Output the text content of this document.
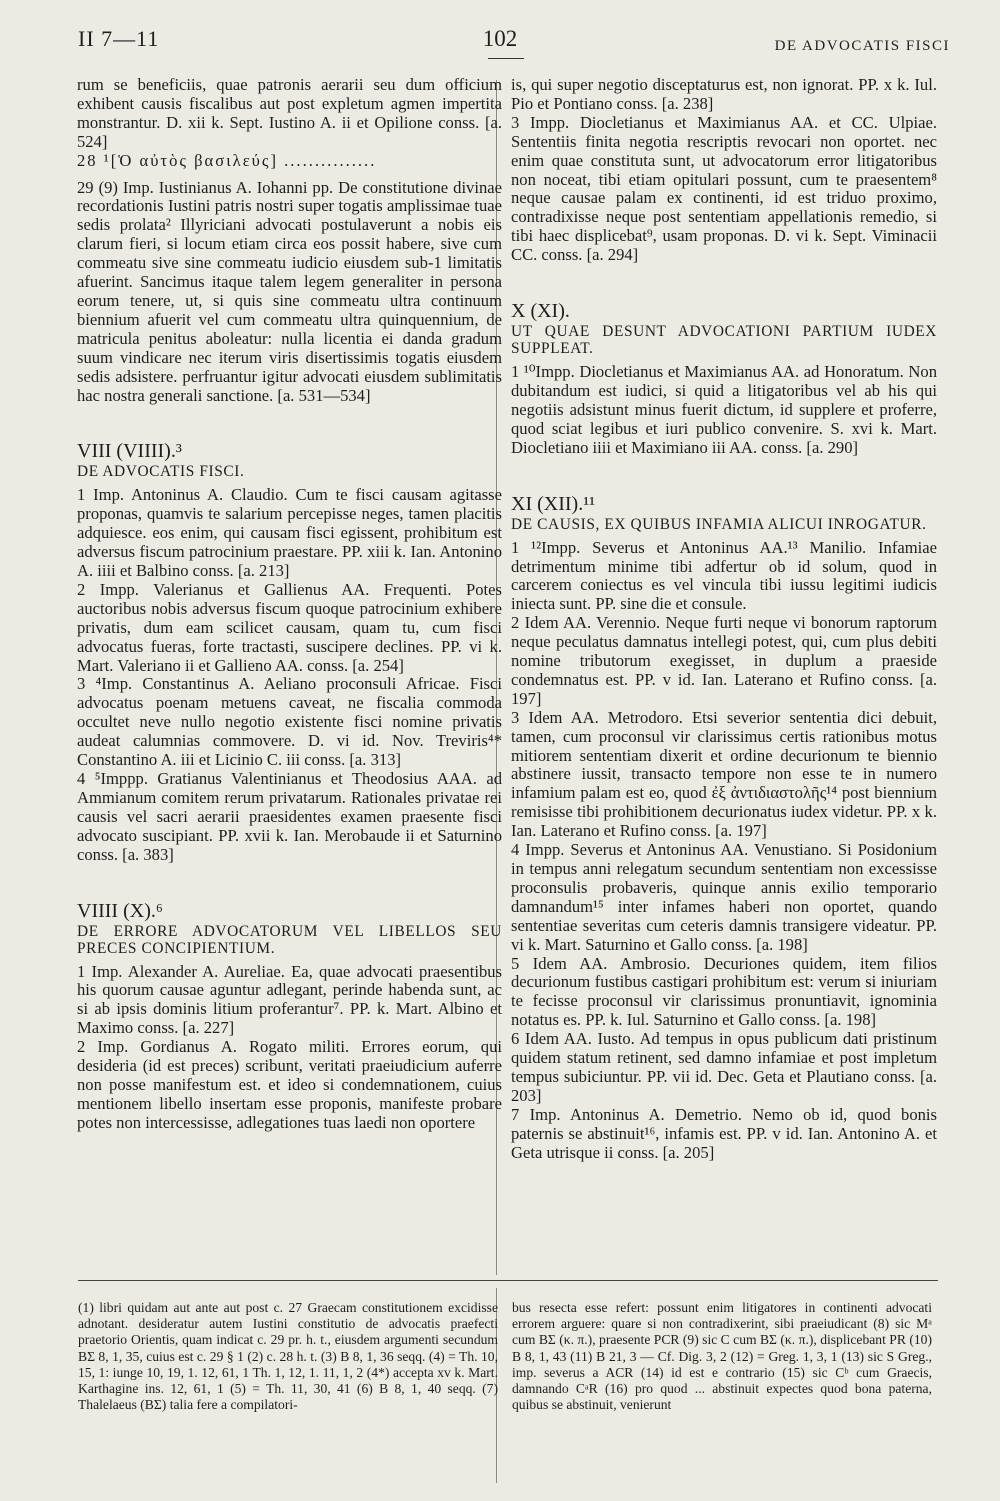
II 7—11	102	DE ADVOCATIS FISCI

rum se beneficiis, quae patronis aerarii seu dum officium exhibent causis fiscalibus aut post expletum agmen impertita monstrantur. D. xii k. Sept. Iustino A. ii et Opilione conss. [a. 524]

28 ¹[Ὁ αὐτὸς βασιλεύς] ...............

29 (9) Imp. Iustinianus A. Iohanni pp. De constitutione divinae recordationis Iustini patris nostri super togatis amplissimae tuae sedis prolata² Illyriciani advocati postulaverunt a nobis eis clarum fieri, si locum etiam circa eos possit habere, sive cum commeatu sive sine commeatu iudicio eiusdem sub-1 limitatis afuerint. Sancimus itaque talem legem generaliter in persona eorum tenere, ut, si quis sine commeatu ultra continuum biennium afuerit vel cum commeatu ultra quinquennium, de matricula penitus aboleatur: nulla licentia ei danda gradum suum vindicare nec iterum viris disertissimis togatis eiusdem sedis adsistere. perfruantur igitur advocati eiusdem sublimitatis hac nostra generali sanctione. [a. 531—534]

VIII (VIIII).³

DE ADVOCATIS FISCI.

1 Imp. Antoninus A. Claudio. Cum te fisci causam agitasse proponas, quamvis te salarium percepisse neges, tamen placitis adquiesce. eos enim, qui causam fisci egissent, prohibitum est adversus fiscum patrocinium praestare. PP. xiii k. Ian. Antonino A. iiii et Balbino conss. [a. 213]

2 Impp. Valerianus et Gallienus AA. Frequenti. Potes auctoribus nobis adversus fiscum quoque patrocinium exhibere privatis, dum eam scilicet causam, quam tu, cum fisci advocatus fueras, forte tractasti, suscipere declines. PP. vi k. Mart. Valeriano ii et Gallieno AA. conss. [a. 254]

3 ⁴Imp. Constantinus A. Aeliano proconsuli Africae. Fisci advocatus poenam metuens caveat, ne fiscalia commoda occultet neve nullo negotio existente fisci nomine privatis audeat calumnias commovere. D. vi id. Nov. Treviris⁴* Constantino A. iii et Licinio C. iii conss. [a. 313]

4 ⁵Imppp. Gratianus Valentinianus et Theodosius AAA. ad Ammianum comitem rerum privatarum. Rationales privatae rei causis vel sacri aerarii praesidentes examen praesente fisci advocato suscipiant. PP. xvii k. Ian. Merobaude ii et Saturnino conss. [a. 383]

VIIII (X).⁶

DE ERRORE ADVOCATORUM VEL LIBELLOS SEU PRECES CONCIPIENTIUM.

1 Imp. Alexander A. Aureliae. Ea, quae advocati praesentibus his quorum causae aguntur adlegant, perinde habenda sunt, ac si ab ipsis dominis litium proferantur⁷. PP. k. Mart. Albino et Maximo conss. [a. 227]

2 Imp. Gordianus A. Rogato militi. Errores eorum, qui desideria (id est preces) scribunt, veritati praeiudicium auferre non posse manifestum est. et ideo si condemnationem, cuius mentionem libello insertam esse proponis, manifeste probare potes non intercessisse, adlegationes tuas laedi non oportere

is, qui super negotio disceptaturus est, non ignorat. PP. x k. Iul. Pio et Pontiano conss. [a. 238]

3 Impp. Diocletianus et Maximianus AA. et CC. Ulpiae. Sententiis finita negotia rescriptis revocari non oportet. nec enim quae constituta sunt, ut advocatorum error litigatoribus non noceat, tibi etiam opitulari possunt, cum te praesentem⁸ neque causae palam ex continenti, id est triduo proximo, contradixisse neque post sententiam appellationis remedio, si tibi haec displicebat⁹, usam proponas. D. vi k. Sept. Viminacii CC. conss. [a. 294]

X (XI).

UT QUAE DESUNT ADVOCATIONI PARTIUM IUDEX SUPPLEAT.

1 ¹⁰Impp. Diocletianus et Maximianus AA. ad Honoratum. Non dubitandum est iudici, si quid a litigatoribus vel ab his qui negotiis adsistunt minus fuerit dictum, id supplere et proferre, quod sciat legibus et iuri publico convenire. S. xvi k. Mart. Diocletiano iiii et Maximiano iii AA. conss. [a. 290]

XI (XII).¹¹

DE CAUSIS, EX QUIBUS INFAMIA ALICUI INROGATUR.

1 ¹²Impp. Severus et Antoninus AA.¹³ Manilio. Infamiae detrimentum minime tibi adfertur ob id solum, quod in carcerem coniectus es vel vincula tibi iussu legitimi iudicis iniecta sunt. PP. sine die et consule.

2 Idem AA. Verennio. Neque furti neque vi bonorum raptorum neque peculatus damnatus intellegi potest, qui, cum plus debiti nomine tributorum exegisset, in duplum a praeside condemnatus est. PP. v id. Ian. Laterano et Rufino conss. [a. 197]

3 Idem AA. Metrodoro. Etsi severior sententia dici debuit, tamen, cum proconsul vir clarissimus certis rationibus motus mitiorem sententiam dixerit et ordine decurionum te biennio abstinere iussit, transacto tempore non esse te in numero infamium palam est eo, quod ἐξ ἀντιδιαστολῆς¹⁴ post biennium remisisse tibi prohibitionem decurionatus iudex videtur. PP. x k. Ian. Laterano et Rufino conss. [a. 197]

4 Impp. Severus et Antoninus AA. Venustiano. Si Posidonium in tempus anni relegatum secundum sententiam non excessisse proconsulis probaveris, quinque annis exilio temporario damnandum¹⁵ inter infames haberi non oportet, quando sententiae severitas cum ceteris damnis transigere videatur. PP. vi k. Mart. Saturnino et Gallo conss. [a. 198]

5 Idem AA. Ambrosio. Decuriones quidem, item filios decurionum fustibus castigari prohibitum est: verum si iniuriam te fecisse proconsul vir clarissimus pronuntiavit, ignominia notatus es. PP. k. Iul. Saturnino et Gallo conss. [a. 198]

6 Idem AA. Iusto. Ad tempus in opus publicum dati pristinum quidem statum retinent, sed damno infamiae et post impletum tempus subiciuntur. PP. vii id. Dec. Geta et Plautiano conss. [a. 203]

7 Imp. Antoninus A. Demetrio. Nemo ob id, quod bonis paternis se abstinuit¹⁶, infamis est. PP. v id. Ian. Antonino A. et Geta utrisque ii conss. [a. 205]

(1) libri quidam aut ante aut post c. 27 Graecam constitutionem excidisse adnotant. desideratur autem Iustini constitutio de advocatis praefecti praetorio Orientis, quam indicat c. 29 pr. h. t., eiusdem argumenti secundum BΣ 8, 1, 35, cuius est c. 29 § 1 (2) c. 28 h. t. (3) B 8, 1, 36 seqq. (4) = Th. 10, 15, 1: iunge 10, 19, 1. 12, 61, 1 Th. 1, 12, 1. 11, 1, 2 (4*) accepta xv k. Mart. Karthagine ins. 12, 61, 1 (5) = Th. 11, 30, 41 (6) B 8, 1, 40 seqq. (7) Thalelaeus (BΣ) talia fere a compilatori-

bus resecta esse refert: possunt enim litigatores in continenti advocati errorem arguere: quare si non contradixerint, sibi praeiudicant (8) sic Mᵃ cum BΣ (κ. π.), praesente PCR (9) sic C cum BΣ (κ. π.), displicebant PR (10) B 8, 1, 43 (11) B 21, 3 — Cf. Dig. 3, 2 (12) = Greg. 1, 3, 1 (13) sic S Greg., imp. severus a ACR (14) id est e contrario (15) sic Cᵇ cum Graecis, damnando CᵃR (16) pro quod ... abstinuit expectes quod bona paterna, quibus se abstinuit, venierunt
